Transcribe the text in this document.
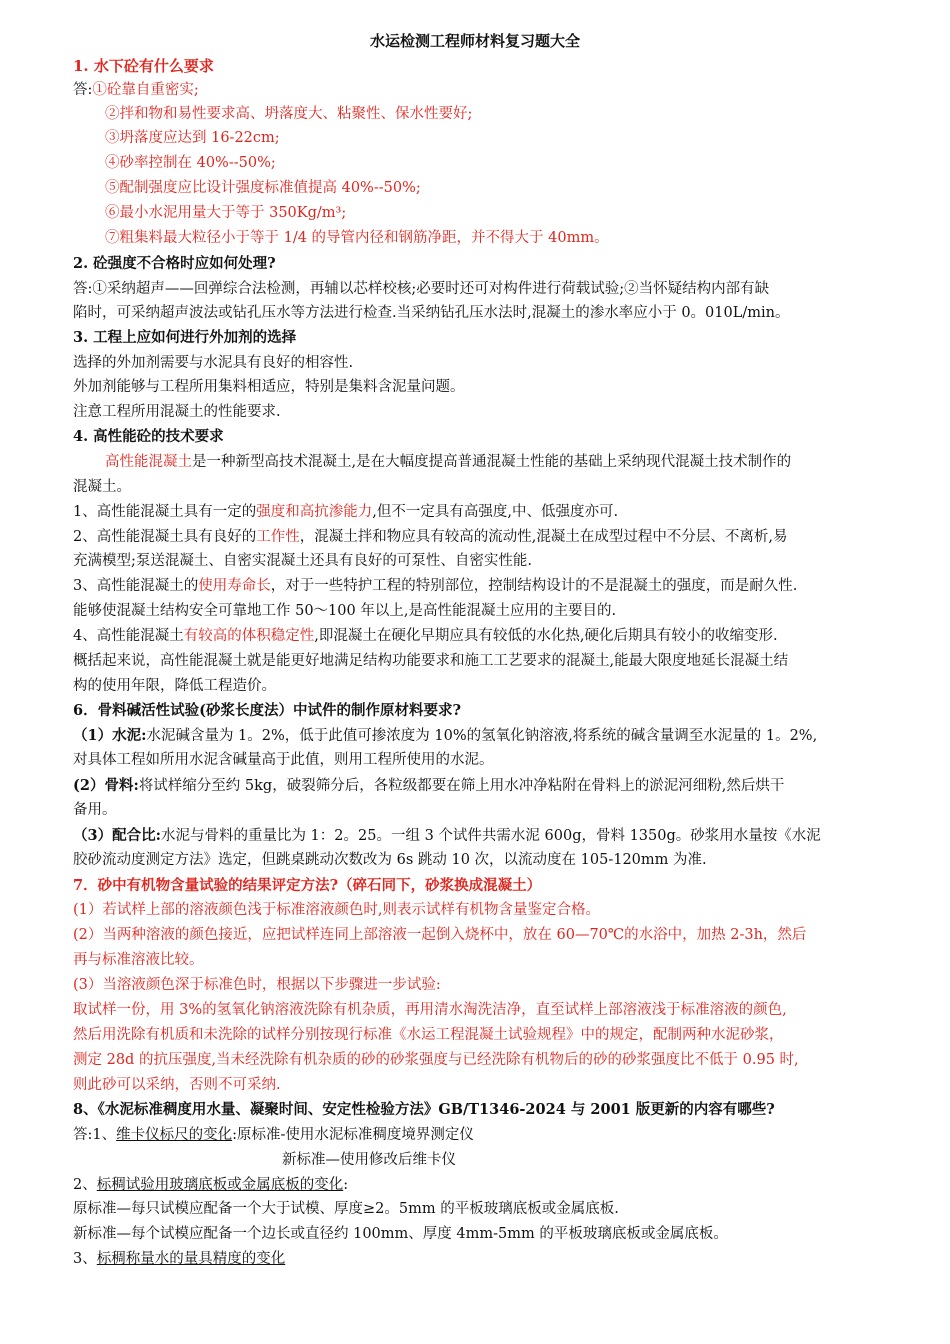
水运检测工程师材料复习题大全
1. 水下砼有什么要求
答:①砼靠自重密实;
②拌和物和易性要求高、坍落度大、粘聚性、保水性要好;
③坍落度应达到 16-22cm;
④砂率控制在 40%--50%;
⑤配制强度应比设计强度标准值提高 40%--50%;
⑥最小水泥用量大于等于 350Kg/m³;
⑦粗集料最大粒径小于等于 1/4 的导管内径和钢筋净距，并不得大于 40mm。
2. 砼强度不合格时应如何处理?
答:①采纳超声——回弹综合法检测，再辅以芯样校核;必要时还可对构件进行荷载试验;②当怀疑结构内部有缺
陷时，可采纳超声波法或钻孔压水等方法进行检查.当采纳钻孔压水法时,混凝土的渗水率应小于 0。010L/min。
3. 工程上应如何进行外加剂的选择
选择的外加剂需要与水泥具有良好的相容性.
外加剂能够与工程所用集料相适应，特别是集料含泥量问题。
注意工程所用混凝土的性能要求.
4. 高性能砼的技术要求
高性能混凝土是一种新型高技术混凝土,是在大幅度提高普通混凝土性能的基础上采纳现代混凝土技术制作的
混凝土。
1、高性能混凝土具有一定的强度和高抗渗能力,但不一定具有高强度,中、低强度亦可.
2、高性能混凝土具有良好的工作性，混凝土拌和物应具有较高的流动性,混凝土在成型过程中不分层、不离析,易
充满模型;泵送混凝土、自密实混凝土还具有良好的可泵性、自密实性能.
3、高性能混凝土的使用寿命长，对于一些特护工程的特别部位，控制结构设计的不是混凝土的强度，而是耐久性.
能够使混凝土结构安全可靠地工作 50～100 年以上,是高性能混凝土应用的主要目的.
4、高性能混凝土有较高的体积稳定性,即混凝土在硬化早期应具有较低的水化热,硬化后期具有较小的收缩变形.
概括起来说，高性能混凝土就是能更好地满足结构功能要求和施工工艺要求的混凝土,能最大限度地延长混凝土结
构的使用年限，降低工程造价。
6．骨料碱活性试验(砂浆长度法）中试件的制作原材料要求?
（1）水泥:水泥碱含量为 1。2%，低于此值可掺浓度为 10%的氢氧化钠溶液,将系统的碱含量调至水泥量的 1。2%,
对具体工程如所用水泥含碱量高于此值，则用工程所使用的水泥。
(2）骨料:将试样缩分至约 5kg，破裂筛分后，各粒级都要在筛上用水冲净粘附在骨料上的淤泥河细粉,然后烘干
备用。
（3）配合比:水泥与骨料的重量比为 1：2。25。一组 3 个试件共需水泥 600g，骨料 1350g。砂浆用水量按《水泥
胶砂流动度测定方法》选定，但跳桌跳动次数改为 6s 跳动 10 次，以流动度在 105-120mm 为准.
7．砂中有机物含量试验的结果评定方法?（碎石同下，砂浆换成混凝土）
(1）若试样上部的溶液颜色浅于标准溶液颜色时,则表示试样有机物含量鉴定合格。
(2）当两种溶液的颜色接近，应把试样连同上部溶液一起倒入烧杯中，放在 60—70℃的水浴中，加热 2-3h，然后
再与标准溶液比较。
(3）当溶液颜色深于标准色时，根据以下步骤进一步试验:
取试样一份，用 3%的氢氧化钠溶液洗除有机杂质，再用清水淘洗洁净，直至试样上部溶液浅于标准溶液的颜色,
然后用洗除有机质和未洗除的试样分别按现行标准《水运工程混凝土试验规程》中的规定，配制两种水泥砂浆，
测定 28d 的抗压强度,当未经洗除有机杂质的砂的砂浆强度与已经洗除有机物后的砂的砂浆强度比不低于 0.95 时,
则此砂可以采纳，否则不可采纳.
8、《水泥标准稠度用水量、凝聚时间、安定性检验方法》GB/T1346-2024 与 2001 版更新的内容有哪些?
答:1、维卡仪标尺的变化:原标准-使用水泥标准稠度境界测定仪
新标准—使用修改后维卡仪
2、标稠试验用玻璃底板或金属底板的变化:
原标准—每只试模应配备一个大于试模、厚度≥2。5mm 的平板玻璃底板或金属底板.
新标准—每个试模应配备一个边长或直径约 100mm、厚度 4mm-5mm 的平板玻璃底板或金属底板。
3、标稠称量水的量具精度的变化
